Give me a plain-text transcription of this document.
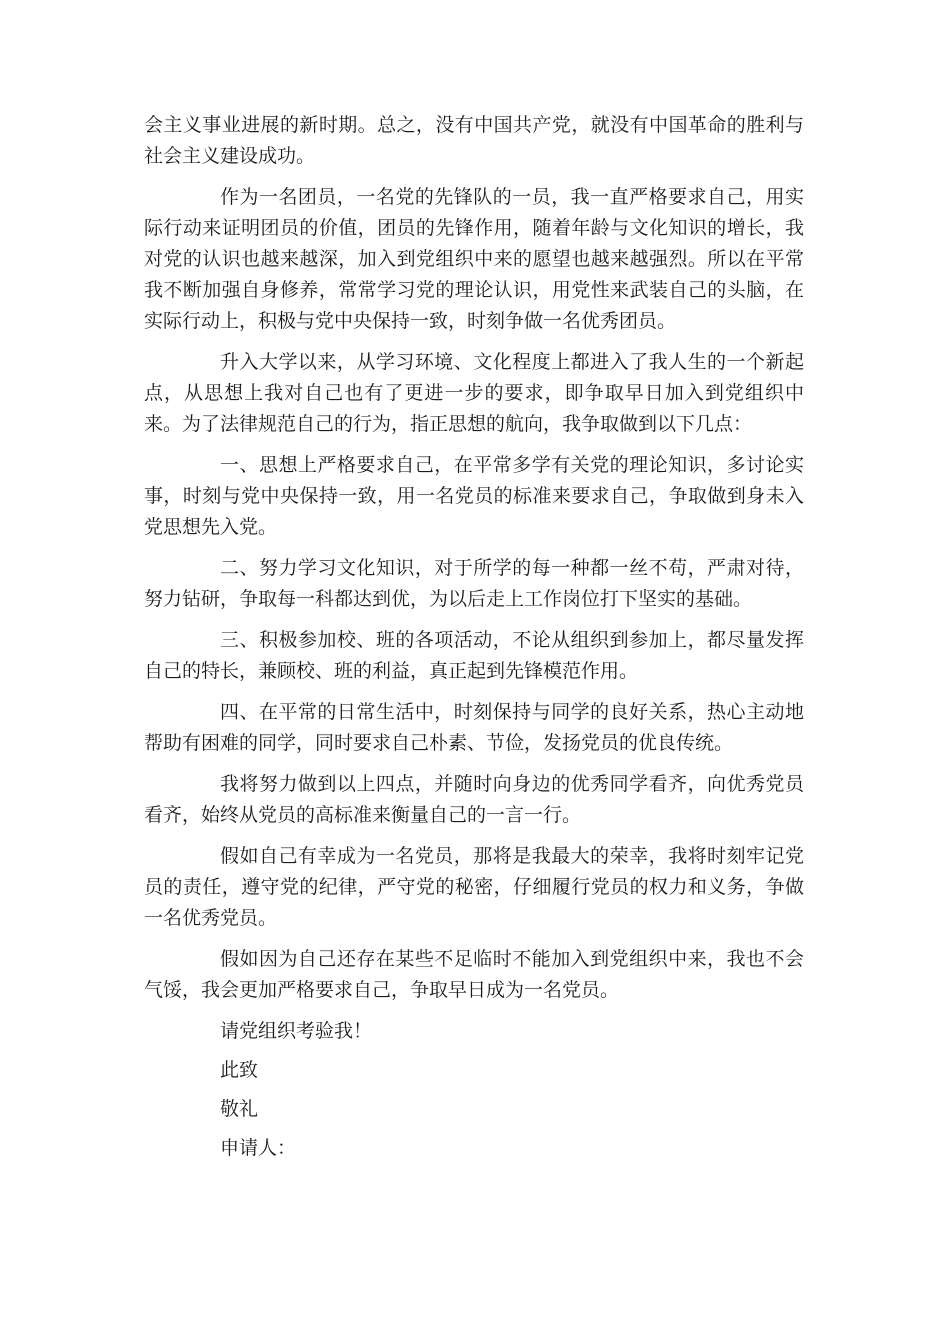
会主义事业进展的新时期。总之，没有中国共产党，就没有中国革命的胜利与社会主义建设成功。

作为一名团员，一名党的先锋队的一员，我一直严格要求自己，用实际行动来证明团员的价值，团员的先锋作用，随着年龄与文化知识的增长，我对党的认识也越来越深，加入到党组织中来的愿望也越来越强烈。所以在平常我不断加强自身修养，常常学习党的理论认识，用党性来武装自己的头脑，在实际行动上，积极与党中央保持一致，时刻争做一名优秀团员。

升入大学以来，从学习环境、文化程度上都进入了我人生的一个新起点，从思想上我对自己也有了更进一步的要求，即争取早日加入到党组织中来。为了法律规范自己的行为，指正思想的航向，我争取做到以下几点：

一、思想上严格要求自己，在平常多学有关党的理论知识，多讨论实事，时刻与党中央保持一致，用一名党员的标准来要求自己，争取做到身未入党思想先入党。

二、努力学习文化知识，对于所学的每一种都一丝不苟，严肃对待，努力钻研，争取每一科都达到优，为以后走上工作岗位打下坚实的基础。

三、积极参加校、班的各项活动，不论从组织到参加上，都尽量发挥自己的特长，兼顾校、班的利益，真正起到先锋模范作用。

四、在平常的日常生活中，时刻保持与同学的良好关系，热心主动地帮助有困难的同学，同时要求自己朴素、节俭，发扬党员的优良传统。

我将努力做到以上四点，并随时向身边的优秀同学看齐，向优秀党员看齐，始终从党员的高标准来衡量自己的一言一行。

假如自己有幸成为一名党员，那将是我最大的荣幸，我将时刻牢记党员的责任，遵守党的纪律，严守党的秘密，仔细履行党员的权力和义务，争做一名优秀党员。

假如因为自己还存在某些不足临时不能加入到党组织中来，我也不会气馁，我会更加严格要求自己，争取早日成为一名党员。

请党组织考验我！

此致

敬礼

申请人：
